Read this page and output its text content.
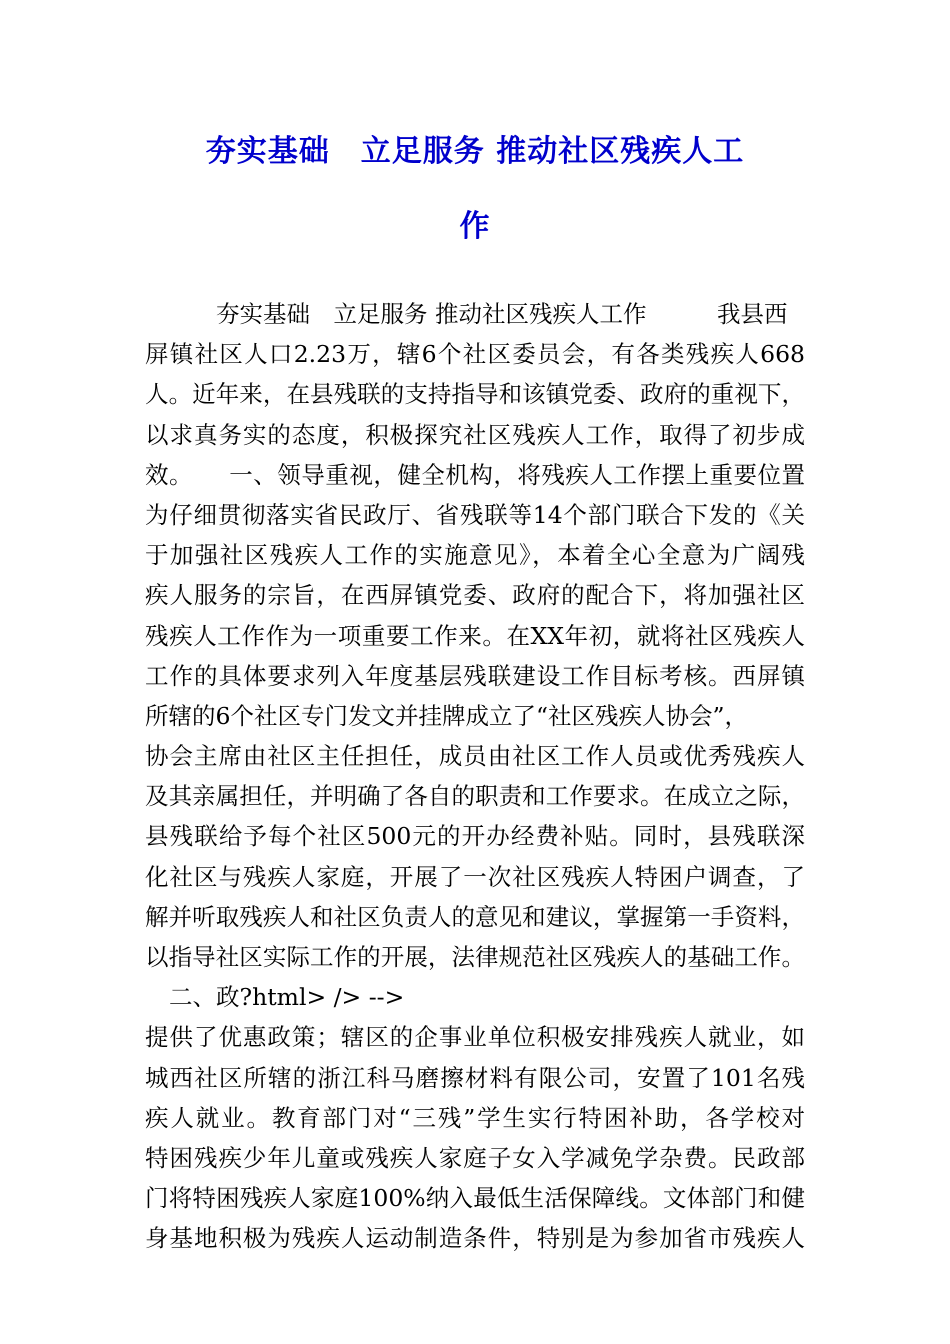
夯实基础　立足服务 推动社区残疾人工
作
夯实基础　立足服务 推动社区残疾人工作　　　我县西
屏镇社区人口2.23万，辖6个社区委员会，有各类残疾人668
人。近年来，在县残联的支持指导和该镇党委、政府的重视下，
以求真务实的态度，积极探究社区残疾人工作，取得了初步成
效。　　一、领导重视，健全机构，将残疾人工作摆上重要位置
为仔细贯彻落实省民政厅、省残联等14个部门联合下发的《关
于加强社区残疾人工作的实施意见》，本着全心全意为广阔残
疾人服务的宗旨，在西屏镇党委、政府的配合下，将加强社区
残疾人工作作为一项重要工作来。在XX年初，就将社区残疾人
工作的具体要求列入年度基层残联建设工作目标考核。西屏镇
所辖的6个社区专门发文并挂牌成立了“社区残疾人协会”，
协会主席由社区主任担任，成员由社区工作人员或优秀残疾人
及其亲属担任，并明确了各自的职责和工作要求。在成立之际，
县残联给予每个社区500元的开办经费补贴。同时，县残联深
化社区与残疾人家庭，开展了一次社区残疾人特困户调查，了
解并听取残疾人和社区负责人的意见和建议，掌握第一手资料，
以指导社区实际工作的开展，法律规范社区残疾人的基础工作。
二、政?html> /> -->
提供了优惠政策；辖区的企事业单位积极安排残疾人就业，如
城西社区所辖的浙江科马磨擦材料有限公司，安置了101名残
疾人就业。教育部门对“三残”学生实行特困补助，各学校对
特困残疾少年儿童或残疾人家庭子女入学减免学杂费。民政部
门将特困残疾人家庭100%纳入最低生活保障线。文体部门和健
身基地积极为残疾人运动制造条件，特别是为参加省市残疾人
